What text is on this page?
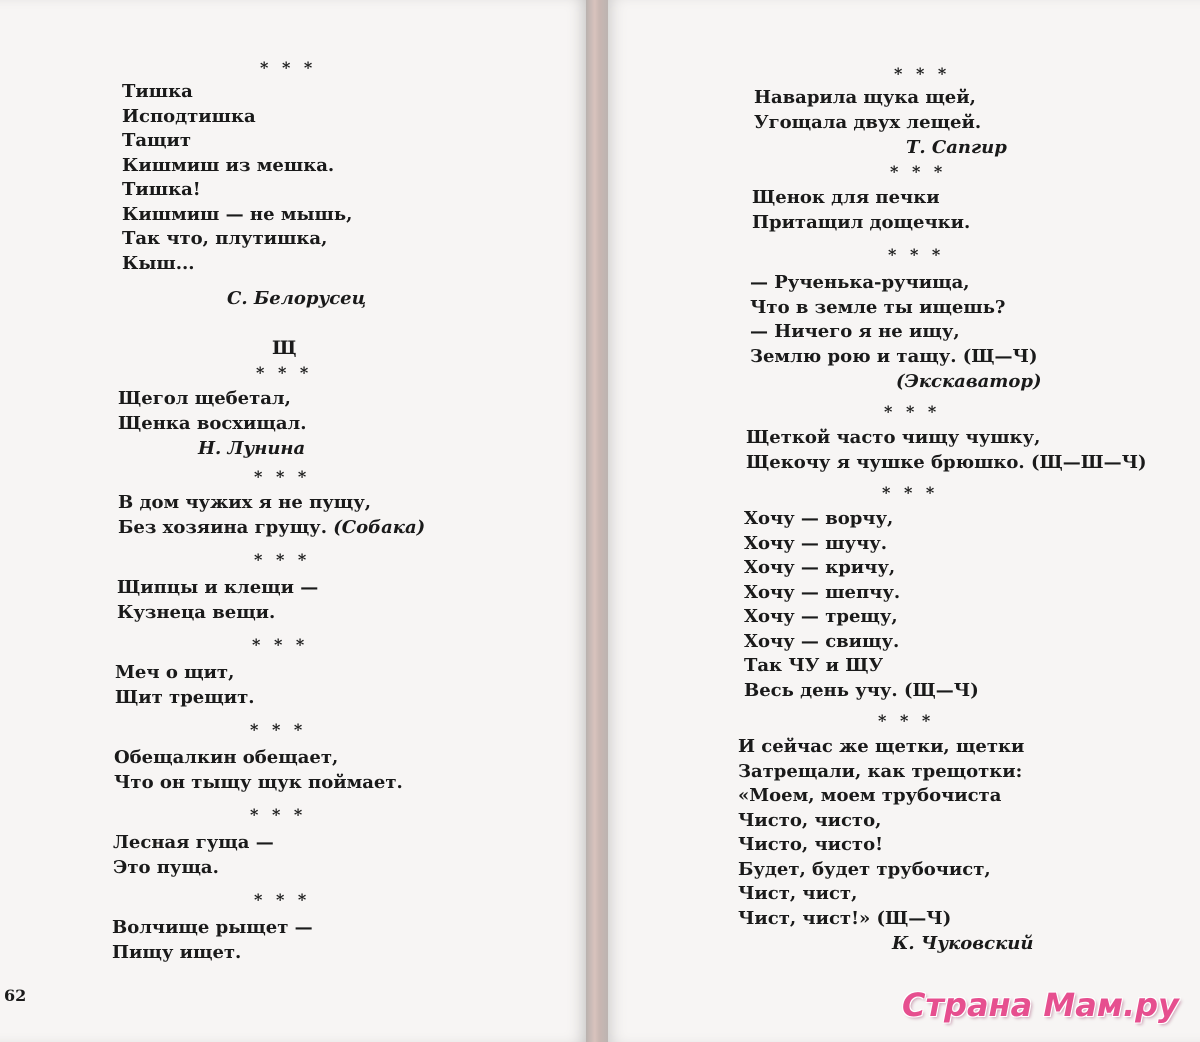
* * *
Тишка
Исподтишка
Тащит
Кишмиш из мешка.
Тишка!
Кишмиш — не мышь,
Так что, плутишка,
Кыш...
С. Белорусец
Щ
* * *
Щегол щебетал,
Щенка восхищал.
Н. Лунина
* * *
В дом чужих я не пущу,
Без хозяина грущу. (Собака)
* * *
Щипцы и клещи —
Кузнеца вещи.
* * *
Меч о щит,
Щит трещит.
* * *
Обещалкин обещает,
Что он тыщу щук поймает.
* * *
Лесная гуща —
Это пуща.
* * *
Волчище рыщет —
Пищу ищет.
62
* * *
Наварила щука щей,
Угощала двух лещей.
Т. Сапгир
* * *
Щенок для печки
Притащил дощечки.
* * *
— Рученька-ручища,
Что в земле ты ищешь?
— Ничего я не ищу,
Землю рою и тащу. (Щ—Ч)
(Экскаватор)
* * *
Щеткой часто чищу чушку,
Щекочу я чушке брюшко. (Щ—Ш—Ч)
* * *
Хочу — ворчу,
Хочу — шучу.
Хочу — кричу,
Хочу — шепчу.
Хочу — трещу,
Хочу — свищу.
Так ЧУ и ЩУ
Весь день учу. (Щ—Ч)
* * *
И сейчас же щетки, щетки
Затрещали, как трещотки:
«Моем, моем трубочиста
Чисто, чисто,
Чисто, чисто!
Будет, будет трубочист,
Чист, чист,
Чист, чист!» (Щ—Ч)
К. Чуковский
Страна Мам.ру
